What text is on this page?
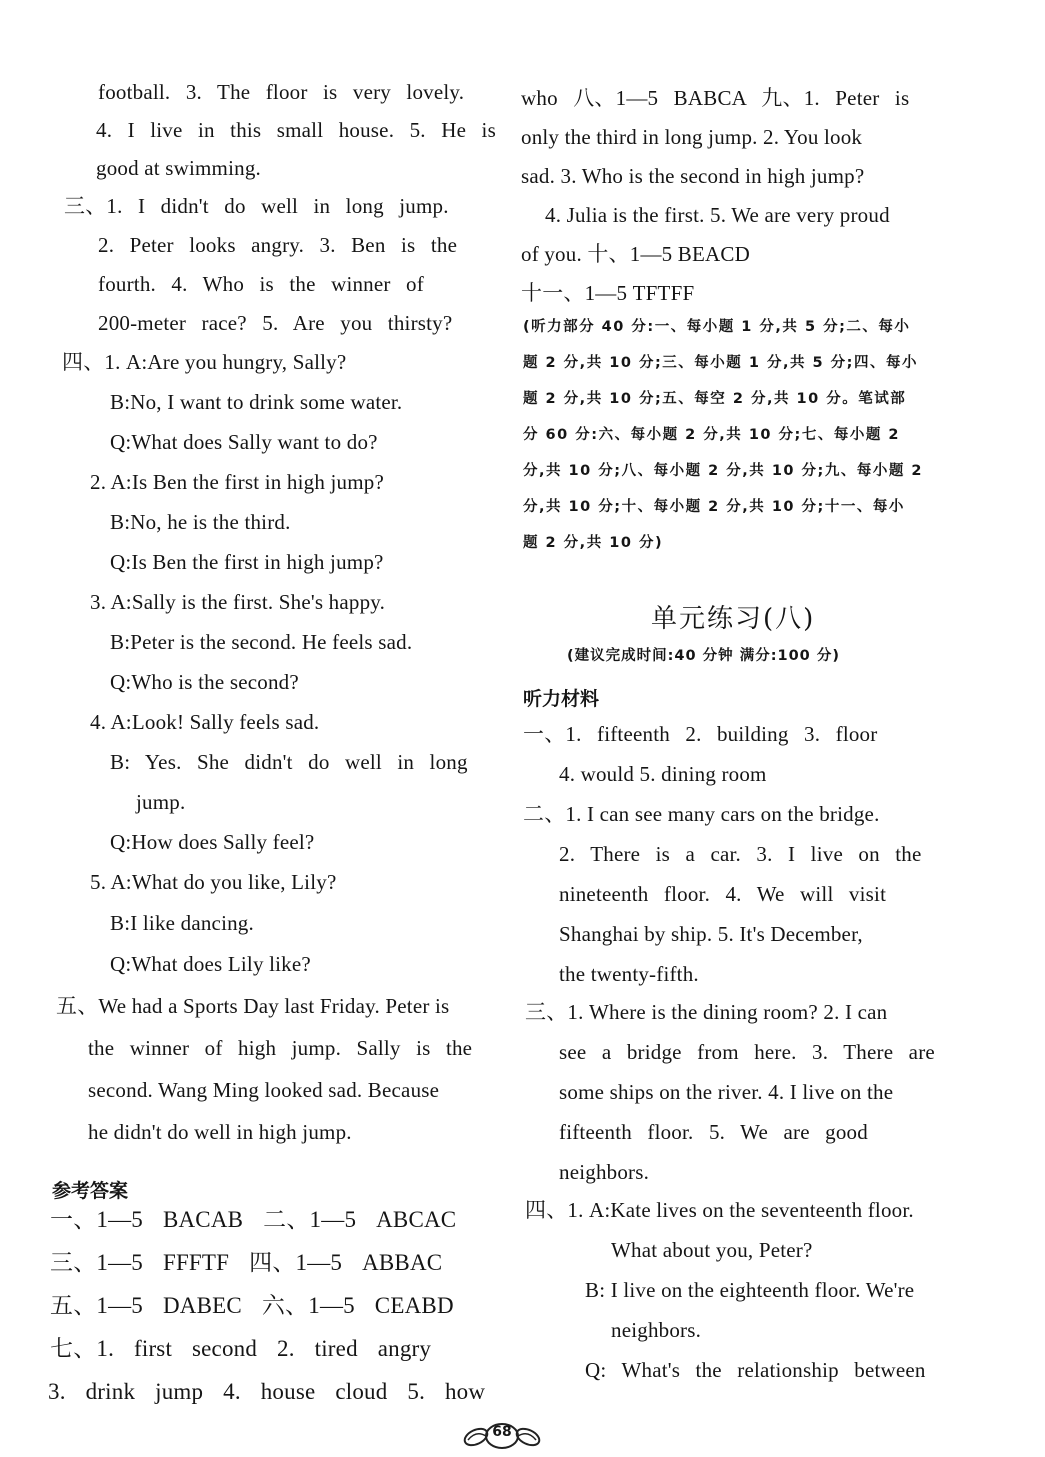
football. 3. The floor is very lovely.
4. I live in this small house. 5. He is
good at swimming.
三、1. I didn't do well in long jump.
2. Peter looks angry. 3. Ben is the
fourth. 4. Who is the winner of
200-meter race? 5. Are you thirsty?
四、1. A:Are you hungry, Sally?
B:No, I want to drink some water.
Q:What does Sally want to do?
2. A:Is Ben the first in high jump?
B:No, he is the third.
Q:Is Ben the first in high jump?
3. A:Sally is the first. She's happy.
B:Peter is the second. He feels sad.
Q:Who is the second?
4. A:Look! Sally feels sad.
B: Yes. She didn't do well in long
jump.
Q:How does Sally feel?
5. A:What do you like, Lily?
B:I like dancing.
Q:What does Lily like?
五、We had a Sports Day last Friday. Peter is
the winner of high jump. Sally is the
second. Wang Ming looked sad. Because
he didn't do well in high jump.
参考答案
一、1—5 BACAB 二、1—5 ABCAC
三、1—5 FFFTF 四、1—5 ABBAC
五、1—5 DABEC 六、1—5 CEABD
七、1. first second 2. tired angry
3. drink jump 4. house cloud 5. how
who 八、1—5 BABCA 九、1. Peter is
only the third in long jump. 2. You look
sad. 3. Who is the second in high jump?
4. Julia is the first. 5. We are very proud
of you. 十、1—5 BEACD
十一、1—5 TFTFF
(听力部分 40 分:一、每小题 1 分,共 5 分;二、每小
题 2 分,共 10 分;三、每小题 1 分,共 5 分;四、每小
题 2 分,共 10 分;五、每空 2 分,共 10 分。笔试部
分 60 分:六、每小题 2 分,共 10 分;七、每小题 2
分,共 10 分;八、每小题 2 分,共 10 分;九、每小题 2
分,共 10 分;十、每小题 2 分,共 10 分;十一、每小
题 2 分,共 10 分)
单元练习(八)
(建议完成时间:40 分钟 满分:100 分)
听力材料
一、1. fifteenth 2. building 3. floor
4. would 5. dining room
二、1. I can see many cars on the bridge.
2. There is a car. 3. I live on the
nineteenth floor. 4. We will visit
Shanghai by ship. 5. It's December,
the twenty-fifth.
三、1. Where is the dining room? 2. I can
see a bridge from here. 3. There are
some ships on the river. 4. I live on the
fifteenth floor. 5. We are good
neighbors.
四、1. A:Kate lives on the seventeenth floor.
What about you, Peter?
B: I live on the eighteenth floor. We're
neighbors.
Q: What's the relationship between
68
